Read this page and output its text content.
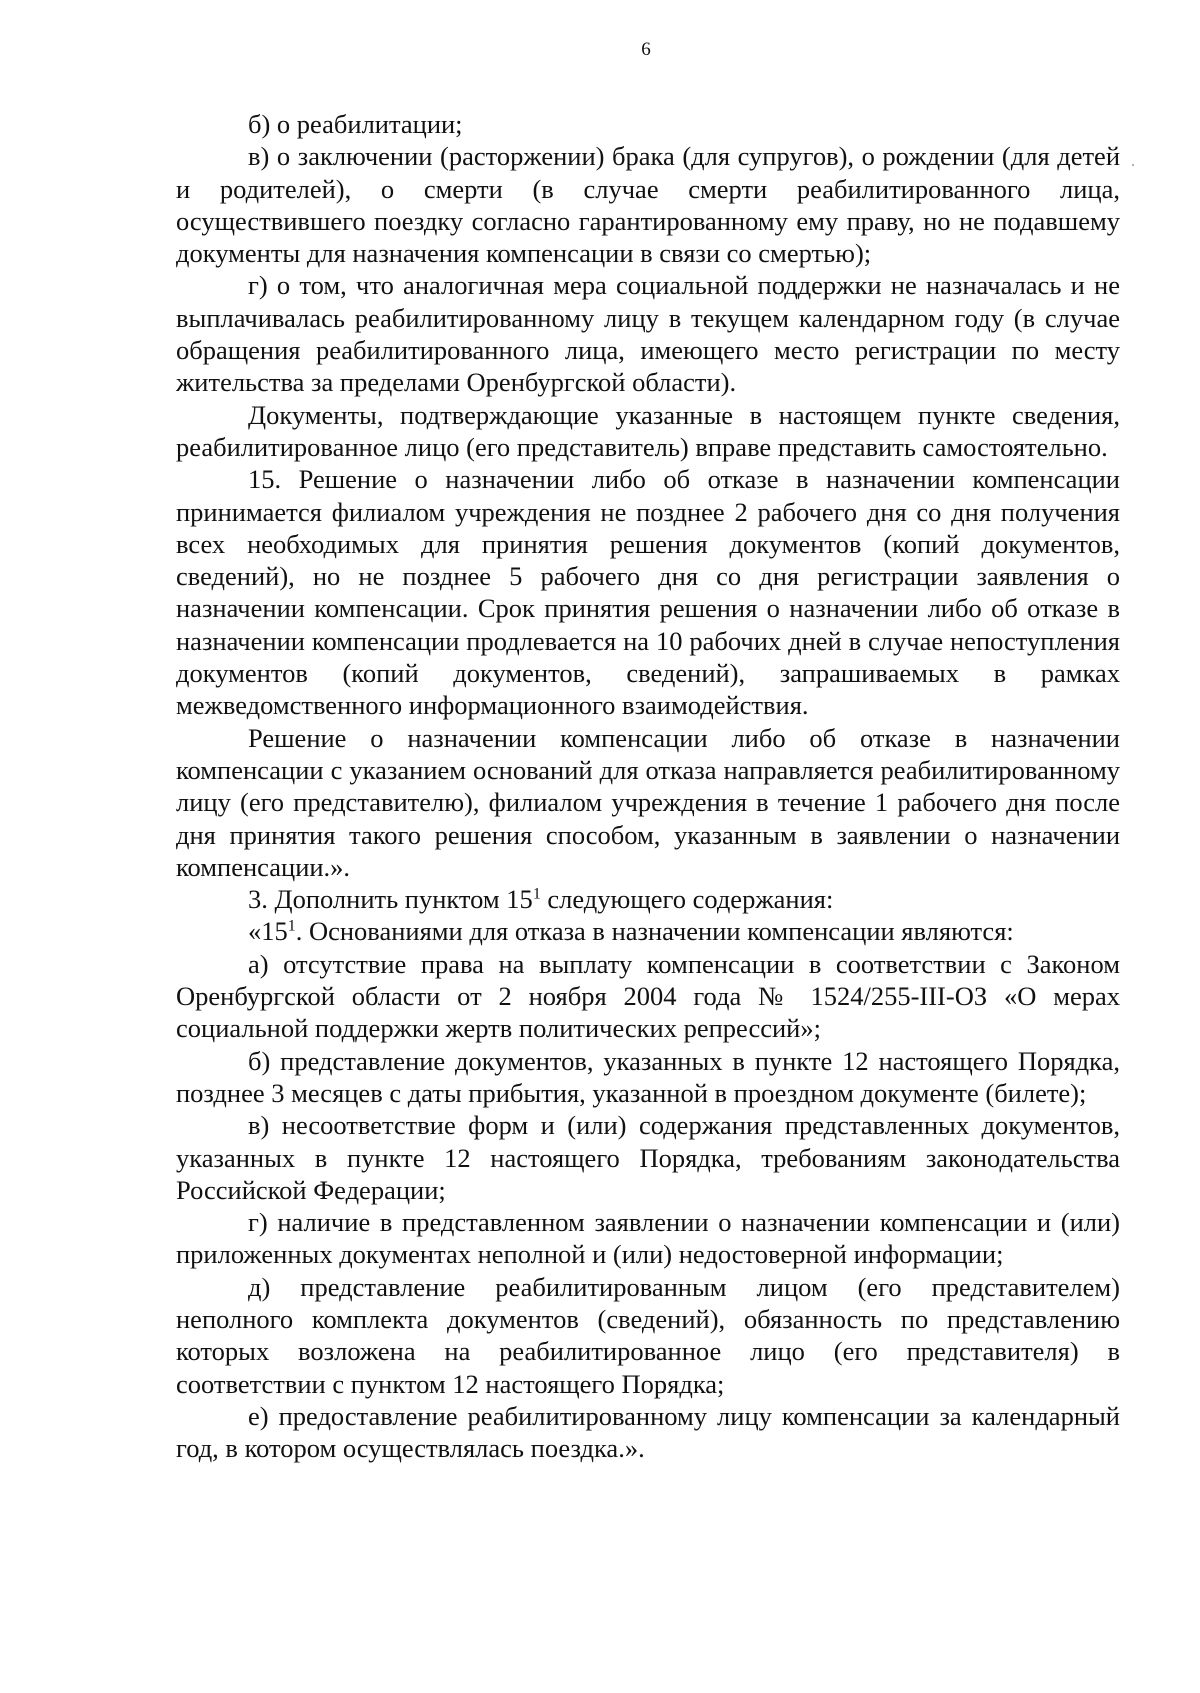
6

б) о реабилитации;

в) о заключении (расторжении) брака (для супругов), о рождении (для детей и родителей), о смерти (в случае смерти реабилитированного лица, осуществившего поездку согласно гарантированному ему праву, но не подавшему документы для назначения компенсации в связи со смертью);

г) о том, что аналогичная мера социальной поддержки не назначалась и не выплачивалась реабилитированному лицу в текущем календарном году (в случае обращения реабилитированного лица, имеющего место регистрации по месту жительства за пределами Оренбургской области).

Документы, подтверждающие указанные в настоящем пункте сведения, реабилитированное лицо (его представитель) вправе представить самостоятельно.

15. Решение о назначении либо об отказе в назначении компенсации принимается филиалом учреждения не позднее 2 рабочего дня со дня получения всех необходимых для принятия решения документов (копий документов, сведений), но не позднее 5 рабочего дня со дня регистрации заявления о назначении компенсации. Срок принятия решения о назначении либо об отказе в назначении компенсации продлевается на 10 рабочих дней в случае непоступления документов (копий документов, сведений), запрашиваемых в рамках межведомственного информационного взаимодействия.

Решение о назначении компенсации либо об отказе в назначении компенсации с указанием оснований для отказа направляется реабилитированному лицу (его представителю), филиалом учреждения в течение 1 рабочего дня после дня принятия такого решения способом, указанным в заявлении о назначении компенсации.».

3. Дополнить пунктом $15^1$ следующего содержания:

«$15^1$. Основаниями для отказа в назначении компенсации являются:

а) отсутствие права на выплату компенсации в соответствии с Законом Оренбургской области от 2 ноября 2004 года № 1524/255-III-ОЗ «О мерах социальной поддержки жертв политических репрессий»;

б) представление документов, указанных в пункте 12 настоящего Порядка, позднее 3 месяцев с даты прибытия, указанной в проездном документе (билете);

в) несоответствие форм и (или) содержания представленных документов, указанных в пункте 12 настоящего Порядка, требованиям законодательства Российской Федерации;

г) наличие в представленном заявлении о назначении компенсации и (или) приложенных документах неполной и (или) недостоверной информации;

д) представление реабилитированным лицом (его представителем) неполного комплекта документов (сведений), обязанность по представлению которых возложена на реабилитированное лицо (его представителя) в соответствии с пунктом 12 настоящего Порядка;

е) предоставление реабилитированному лицу компенсации за календарный год, в котором осуществлялась поездка.».
